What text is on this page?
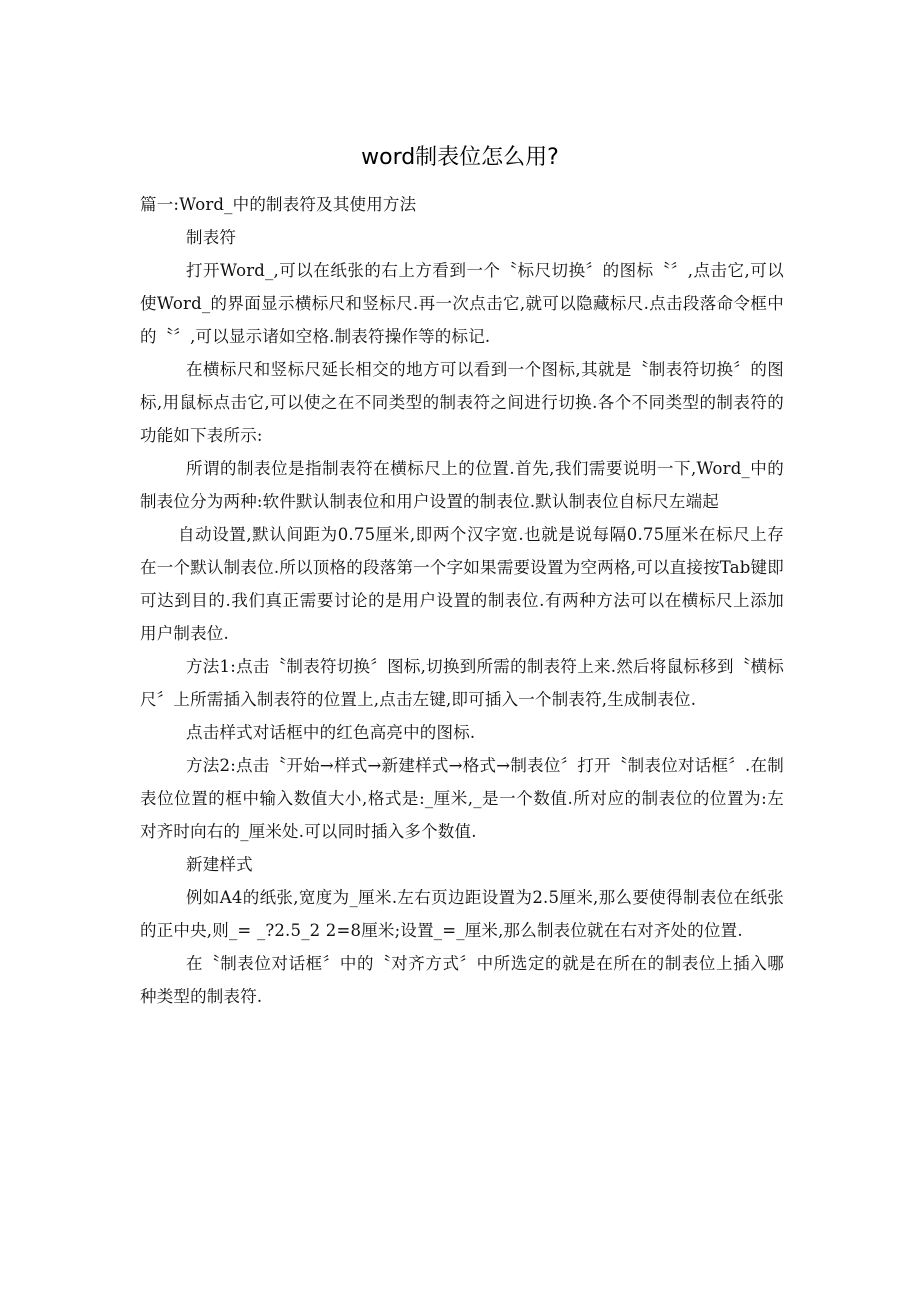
word制表位怎么用?

篇一:Word_中的制表符及其使用方法

制表符

打开Word_,可以在纸张的右上方看到一个〝标尺切换〞的图标〝〞,点击它,可以使Word_的界面显示横标尺和竖标尺.再一次点击它,就可以隐藏标尺.点击段落命令框中的〝〞,可以显示诸如空格.制表符操作等的标记.

在横标尺和竖标尺延长相交的地方可以看到一个图标,其就是〝制表符切换〞的图标,用鼠标点击它,可以使之在不同类型的制表符之间进行切换.各个不同类型的制表符的功能如下表所示:

所谓的制表位是指制表符在横标尺上的位置.首先,我们需要说明一下,Word_中的制表位分为两种:软件默认制表位和用户设置的制表位.默认制表位自标尺左端起

自动设置,默认间距为0.75厘米,即两个汉字宽.也就是说每隔0.75厘米在标尺上存在一个默认制表位.所以顶格的段落第一个字如果需要设置为空两格,可以直接按Tab键即可达到目的.我们真正需要讨论的是用户设置的制表位.有两种方法可以在横标尺上添加用户制表位.

方法1:点击〝制表符切换〞图标,切换到所需的制表符上来.然后将鼠标移到〝横标尺〞上所需插入制表符的位置上,点击左键,即可插入一个制表符,生成制表位.

点击样式对话框中的红色高亮中的图标.

方法2:点击〝开始→样式→新建样式→格式→制表位〞打开〝制表位对话框〞.在制表位位置的框中输入数值大小,格式是:_厘米,_是一个数值.所对应的制表位的位置为:左对齐时向右的_厘米处.可以同时插入多个数值.

新建样式

例如A4的纸张,宽度为_厘米.左右页边距设置为2.5厘米,那么要使得制表位在纸张的正中央,则_= _?2.5_2 2=8厘米;设置_=_厘米,那么制表位就在右对齐处的位置.

在〝制表位对话框〞中的〝对齐方式〞中所选定的就是在所在的制表位上插入哪种类型的制表符.
